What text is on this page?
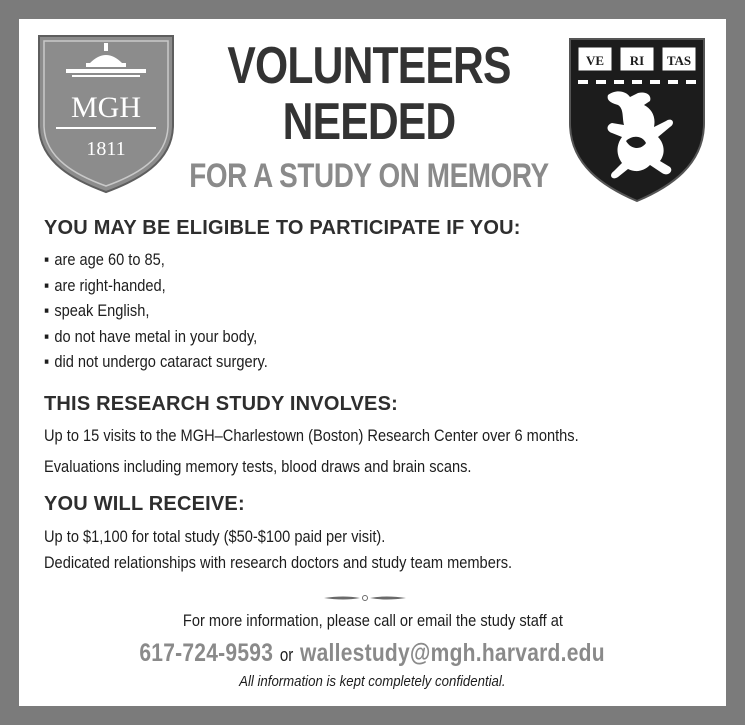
MGH
1811
VOLUNTEERS
NEEDED
FOR A STUDY ON MEMORY
VE RI TAS
YOU MAY BE ELIGIBLE TO PARTICIPATE IF YOU:
▪ are age 60 to 85,
▪ are right-handed,
▪ speak English,
▪ do not have metal in your body,
▪ did not undergo cataract surgery.
THIS RESEARCH STUDY INVOLVES:
Up to 15 visits to the MGH–Charlestown (Boston) Research Center over 6 months.
Evaluations including memory tests, blood draws and brain scans.
YOU WILL RECEIVE:
Up to $1,100 for total study ($50-$100 paid per visit).
Dedicated relationships with research doctors and study team members.
For more information, please call or email the study staff at
617-724-9593 or wallestudy@mgh.harvard.edu
All information is kept completely confidential.
